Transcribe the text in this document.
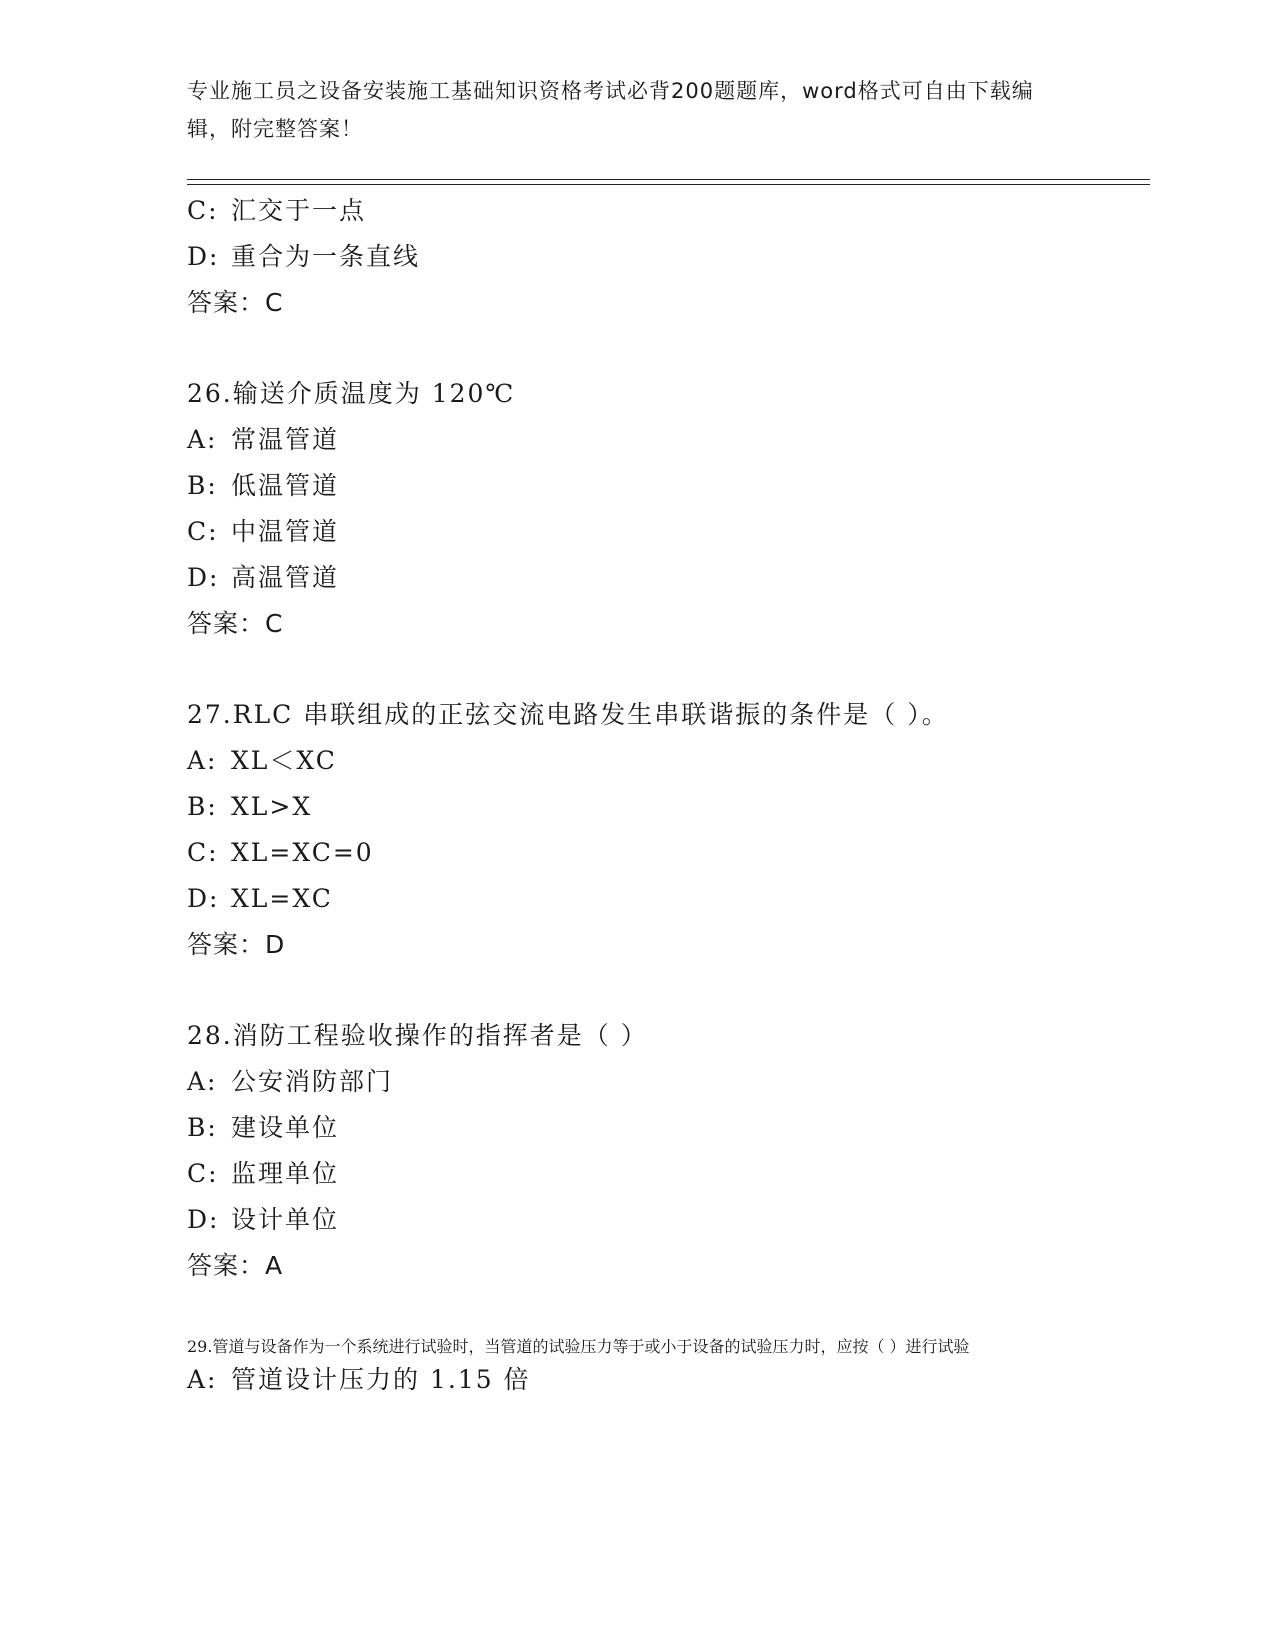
专业施工员之设备安装施工基础知识资格考试必背200题题库，word格式可自由下载编辑，附完整答案！
C: 汇交于一点
D: 重合为一条直线
答案：C
26.输送介质温度为 120℃
A: 常温管道
B: 低温管道
C: 中温管道
D: 高温管道
答案：C
27.RLC 串联组成的正弦交流电路发生串联谐振的条件是（ ）。
A: XL＜XC
B: XL>X
C: XL=XC=0
D: XL=XC
答案：D
28.消防工程验收操作的指挥者是（ ）
A: 公安消防部门
B: 建设单位
C: 监理单位
D: 设计单位
答案：A
29.管道与设备作为一个系统进行试验时，当管道的试验压力等于或小于设备的试验压力时，应按（ ）进行试验
A: 管道设计压力的 1.15 倍
